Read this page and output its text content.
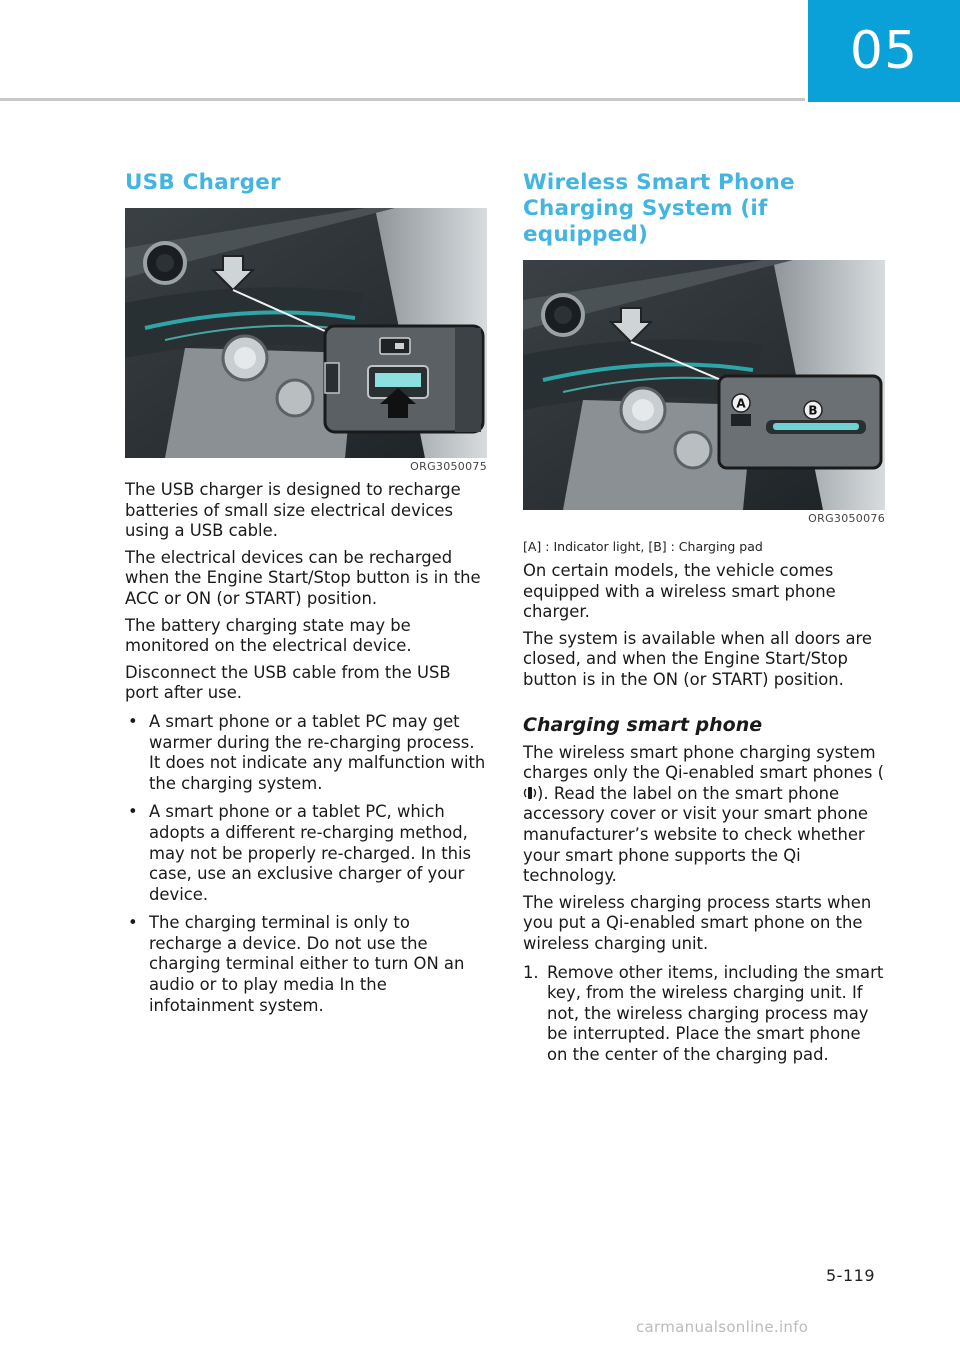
05
USB Charger
ORG3050075

The USB charger is designed to recharge batteries of small size electrical devices using a USB cable.

The electrical devices can be recharged when the Engine Start/Stop button is in the ACC or ON (or START) position.

The battery charging state may be monitored on the electrical device.

Disconnect the USB cable from the USB port after use.

• A smart phone or a tablet PC may get warmer during the re-charging process. It does not indicate any malfunction with the charging system.
• A smart phone or a tablet PC, which adopts a different re-charging method, may not be properly re-charged. In this case, use an exclusive charger of your device.
• The charging terminal is only to recharge a device. Do not use the charging terminal either to turn ON an audio or to play media In the infotainment system.
Wireless Smart Phone Charging System (if equipped)
A	B
ORG3050076
[A] : Indicator light, [B] : Charging pad

On certain models, the vehicle comes equipped with a wireless smart phone charger.

The system is available when all doors are closed, and when the Engine Start/Stop button is in the ON (or START) position.

Charging smart phone

The wireless smart phone charging system charges only the Qi-enabled smart phones (
). Read the label on the smart phone accessory cover or visit your smart phone manufacturer’s website to check whether your smart phone supports the Qi technology.

The wireless charging process starts when you put a Qi-enabled smart phone on the wireless charging unit.

1. Remove other items, including the smart key, from the wireless charging unit. If not, the wireless charging process may be interrupted. Place the smart phone on the center of the charging pad.
5-119
carmanualsonline.info
